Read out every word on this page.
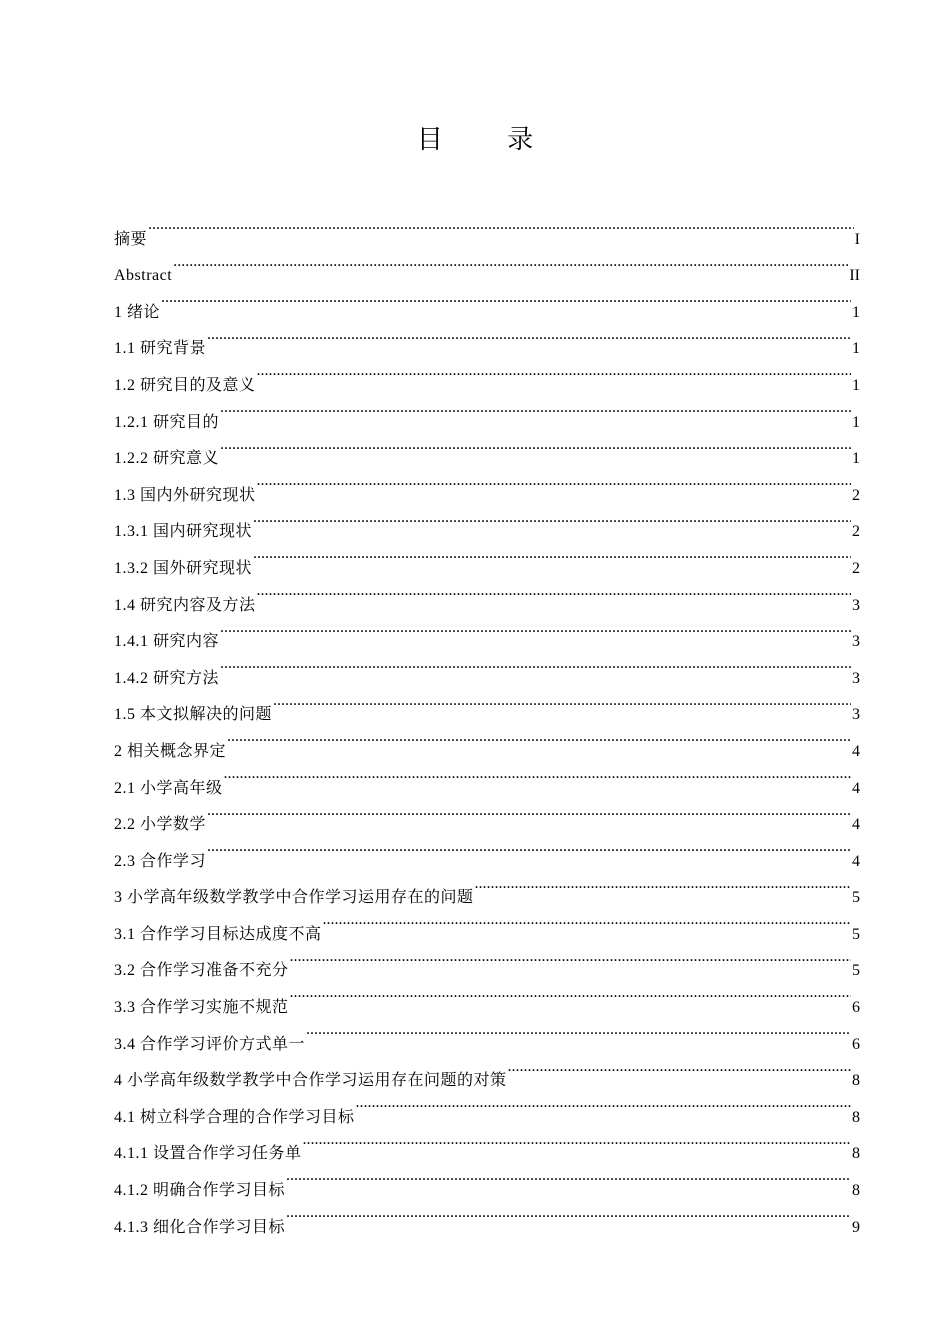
目 录
摘要 .....	I
Abstract .....	II
1 绪论 .....	1
1.1 研究背景 .....	1
1.2 研究目的及意义 .....	1
1.2.1 研究目的 .....	1
1.2.2 研究意义 .....	1
1.3 国内外研究现状 .....	2
1.3.1 国内研究现状 .....	2
1.3.2 国外研究现状 .....	2
1.4 研究内容及方法 .....	3
1.4.1 研究内容 .....	3
1.4.2 研究方法 .....	3
1.5 本文拟解决的问题 .....	3
2 相关概念界定 .....	4
2.1 小学高年级 .....	4
2.2 小学数学 .....	4
2.3 合作学习 .....	4
3 小学高年级数学教学中合作学习运用存在的问题 .....	5
3.1 合作学习目标达成度不高 .....	5
3.2 合作学习准备不充分 .....	5
3.3 合作学习实施不规范 .....	6
3.4 合作学习评价方式单一 .....	6
4 小学高年级数学教学中合作学习运用存在问题的对策 .....	8
4.1 树立科学合理的合作学习目标 .....	8
4.1.1 设置合作学习任务单 .....	8
4.1.2 明确合作学习目标 .....	8
4.1.3 细化合作学习目标 .....	9
